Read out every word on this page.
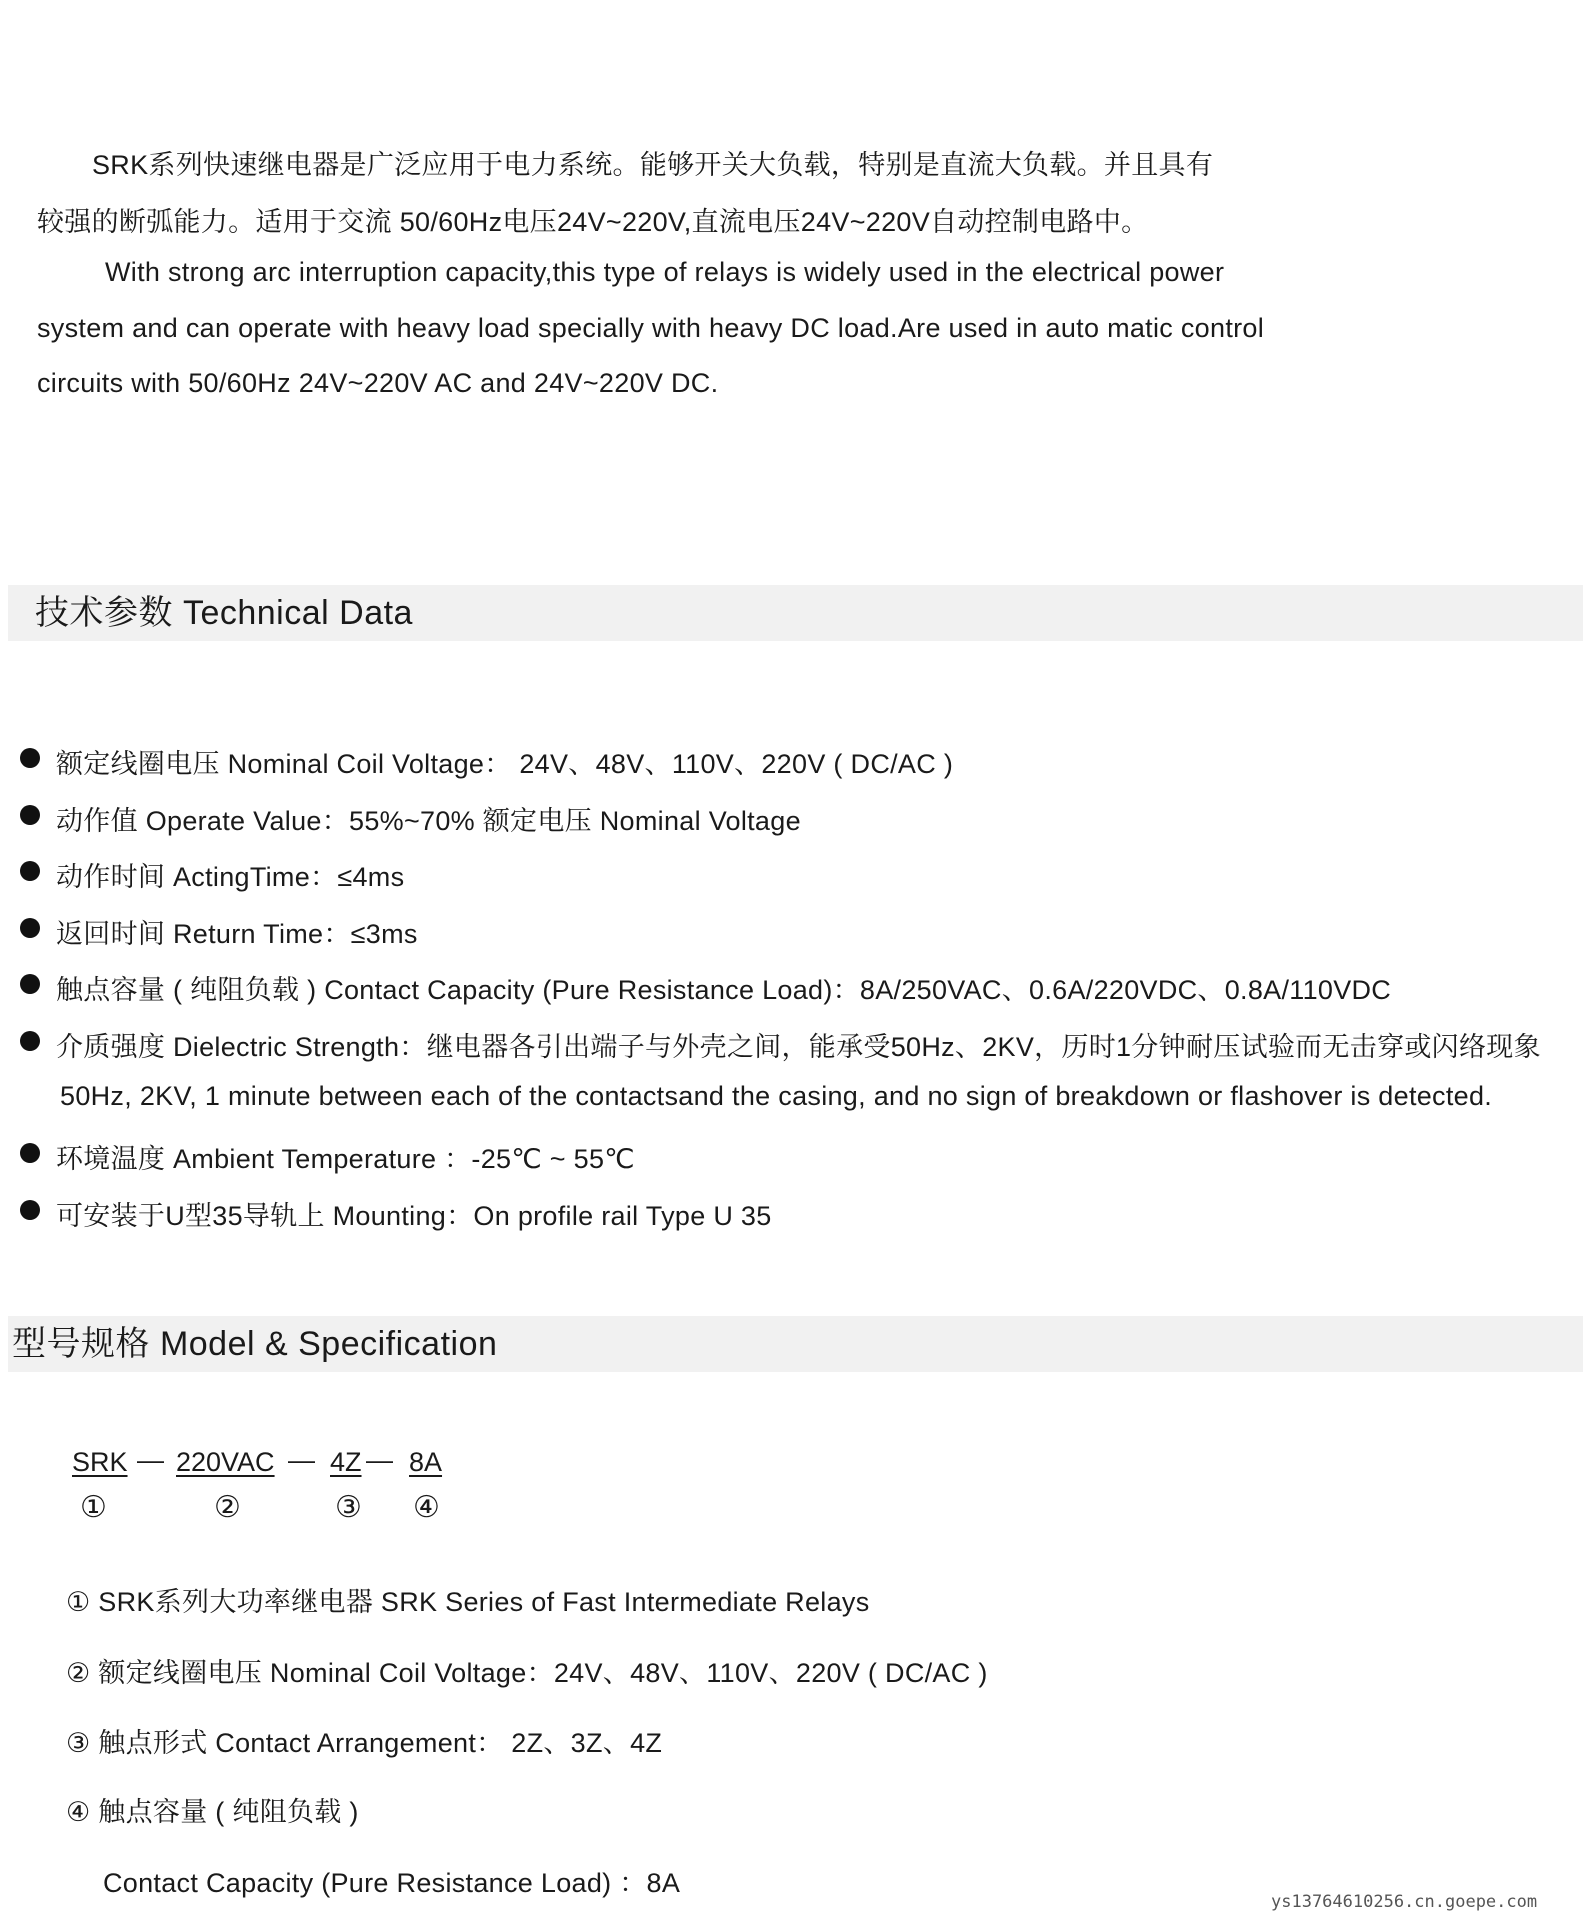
SRK系列快速继电器是广泛应用于电力系统。能够开关大负载，特别是直流大负载。并且具有
较强的断弧能力。适用于交流 50/60Hz电压24V~220V,直流电压24V~220V自动控制电路中。
With strong arc interruption capacity,this type of relays is widely used in the electrical power
system and can operate with heavy load specially with heavy DC load.Are used in auto matic control
circuits with 50/60Hz 24V~220V AC and 24V~220V DC.
技术参数 Technical Data
额定线圈电压 Nominal Coil Voltage： 24V、48V、110V、220V ( DC/AC )
动作值 Operate Value：55%~70% 额定电压 Nominal Voltage
动作时间 ActingTime：≤4ms
返回时间 Return Time：≤3ms
触点容量 ( 纯阻负载 ) Contact Capacity (Pure Resistance Load)：8A/250VAC、0.6A/220VDC、0.8A/110VDC
介质强度 Dielectric Strength：继电器各引出端子与外壳之间，能承受50Hz、2KV，历时1分钟耐压试验而无击穿或闪络现象
50Hz, 2KV, 1 minute between each of the contactsand the casing, and no sign of breakdown or flashover is detected.
环境温度 Ambient Temperature ：-25℃ ~ 55℃
可安装于U型35导轨上 Mounting：On profile rail Type U 35
型号规格 Model & Specification
SRK — 220VAC — 4Z — 8A
①	②	③ ④
① SRK系列大功率继电器 SRK Series of Fast Intermediate Relays
② 额定线圈电压 Nominal Coil Voltage：24V、48V、110V、220V ( DC/AC )
③ 触点形式 Contact Arrangement： 2Z、3Z、4Z
④ 触点容量 ( 纯阻负载 )
Contact Capacity (Pure Resistance Load) ：8A
ys13764610256.cn.goepe.com
